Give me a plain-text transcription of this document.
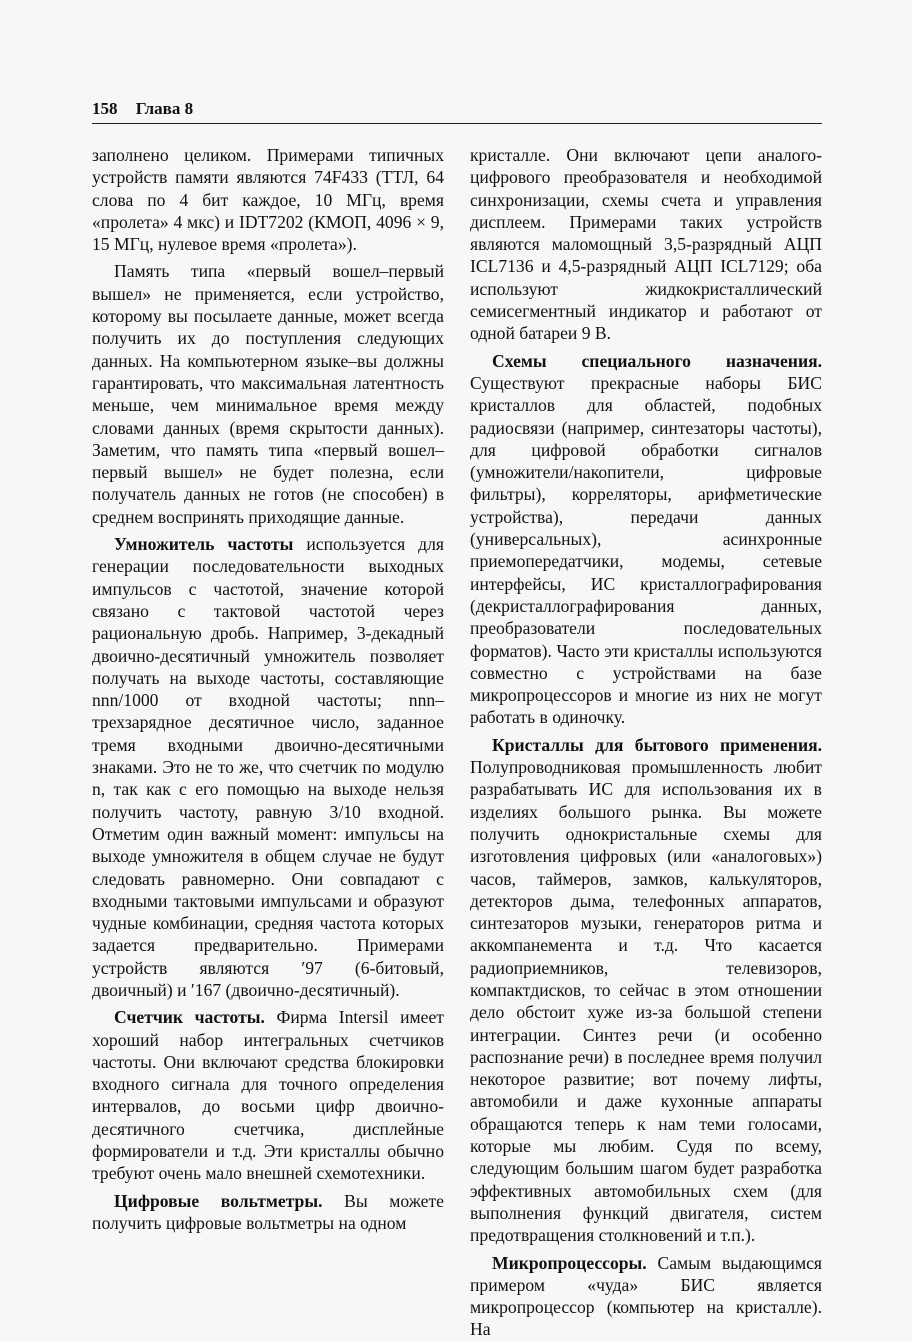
158 Глава 8

заполнено целиком. Примерами типичных устройств памяти являются 74F433 (ТТЛ, 64 слова по 4 бит каждое, 10 МГц, время «пролета» 4 мкс) и IDT7202 (КМОП, 4096 × 9, 15 МГц, нулевое время «пролета»).

Память типа «первый вошел–первый вышел» не применяется, если устройство, которому вы посылаете данные, может всегда получить их до поступления следующих данных. На компьютерном языке–вы должны гарантировать, что максимальная латентность меньше, чем минимальное время между словами данных (время скрытости данных). Заметим, что память типа «первый вошел–первый вышел» не будет полезна, если получатель данных не готов (не способен) в среднем воспринять приходящие данные.

Умножитель частоты используется для генерации последовательности выходных импульсов с частотой, значение которой связано с тактовой частотой через рациональную дробь. Например, 3-декадный двоично-десятичный умножитель позволяет получать на выходе частоты, составляющие nnn/1000 от входной частоты; nnn–трехзарядное десятичное число, заданное тремя входными двоично-десятичными знаками. Это не то же, что счетчик по модулю n, так как с его помощью на выходе нельзя получить частоту, равную 3/10 входной. Отметим один важный момент: импульсы на выходе умножителя в общем случае не будут следовать равномерно. Они совпадают с входными тактовыми импульсами и образуют чудные комбинации, средняя частота которых задается предварительно. Примерами устройств являются ′97 (6-битовый, двоичный) и ′167 (двоично-десятичный).

Счетчик частоты. Фирма Intersil имеет хороший набор интегральных счетчиков частоты. Они включают средства блокировки входного сигнала для точного определения интервалов, до восьми цифр двоично-десятичного счетчика, дисплейные формирователи и т.д. Эти кристаллы обычно требуют очень мало внешней схемотехники.

Цифровые вольтметры. Вы можете получить цифровые вольтметры на одном

кристалле. Они включают цепи аналого-цифрового преобразователя и необходимой синхронизации, схемы счета и управления дисплеем. Примерами таких устройств являются маломощный 3,5-разрядный АЦП ICL7136 и 4,5-разрядный АЦП ICL7129; оба используют жидкокристаллический семисегментный индикатор и работают от одной батареи 9 В.

Схемы специального назначения. Существуют прекрасные наборы БИС кристаллов для областей, подобных радиосвязи (например, синтезаторы частоты), для цифровой обработки сигналов (умножители/накопители, цифровые фильтры), корреляторы, арифметические устройства), передачи данных (универсальных), асинхронные приемопередатчики, модемы, сетевые интерфейсы, ИС кристаллографирования (декристаллографирования данных, преобразователи последовательных форматов). Часто эти кристаллы используются совместно с устройствами на базе микропроцессоров и многие из них не могут работать в одиночку.

Кристаллы для бытового применения. Полупроводниковая промышленность любит разрабатывать ИС для использования их в изделиях большого рынка. Вы можете получить однокристальные схемы для изготовления цифровых (или «аналоговых») часов, таймеров, замков, калькуляторов, детекторов дыма, телефонных аппаратов, синтезаторов музыки, генераторов ритма и аккомпанемента и т.д. Что касается радиоприемников, телевизоров, компактдисков, то сейчас в этом отношении дело обстоит хуже из-за большой степени интеграции. Синтез речи (и особенно распознание речи) в последнее время получил некоторое развитие; вот почему лифты, автомобили и даже кухонные аппараты обращаются теперь к нам теми голосами, которые мы любим. Судя по всему, следующим большим шагом будет разработка эффективных автомобильных схем (для выполнения функций двигателя, систем предотвращения столкновений и т.п.).

Микропроцессоры. Самым выдающимся примером «чуда» БИС является микропроцессор (компьютер на кристалле). На
